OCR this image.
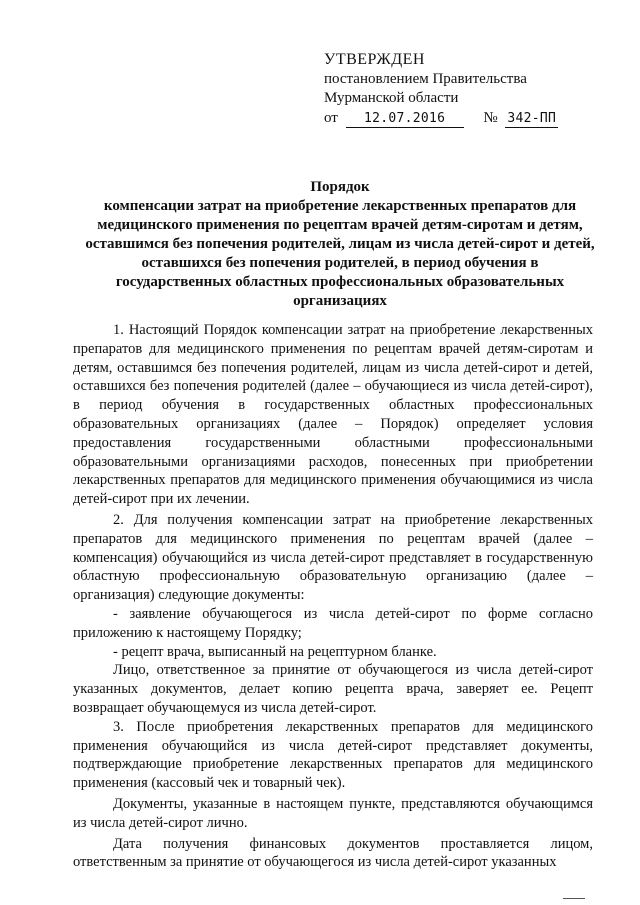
УТВЕРЖДЕН
постановлением Правительства
Мурманской области
от 12.07.2016	№ 342-ПП
Порядок
компенсации затрат на приобретение лекарственных препаратов для
медицинского применения по рецептам врачей детям-сиротам и детям,
оставшимся без попечения родителей, лицам из числа детей-сирот и детей,
оставшихся без попечения родителей, в период обучения в
государственных областных профессиональных образовательных
организациях

1. Настоящий Порядок компенсации затрат на приобретение лекарственных препаратов для медицинского применения по рецептам врачей детям-сиротам и детям, оставшимся без попечения родителей, лицам из числа детей-сирот и детей, оставшихся без попечения родителей (далее – обучающиеся из числа детей-сирот), в период обучения в государственных областных профессиональных образовательных организациях (далее – Порядок) определяет условия предоставления государственными областными профессиональными образовательными организациями расходов, понесенных при приобретении лекарственных препаратов для медицинского применения обучающимися из числа детей-сирот при их лечении.

2. Для получения компенсации затрат на приобретение лекарственных препаратов для медицинского применения по рецептам врачей (далее – компенсация) обучающийся из числа детей-сирот представляет в государственную областную профессиональную образовательную организацию (далее – организация) следующие документы:

- заявление обучающегося из числа детей-сирот по форме согласно приложению к настоящему Порядку;

- рецепт врача, выписанный на рецептурном бланке.

Лицо, ответственное за принятие от обучающегося из числа детей-сирот указанных документов, делает копию рецепта врача, заверяет ее. Рецепт возвращает обучающемуся из числа детей-сирот.

3. После приобретения лекарственных препаратов для медицинского применения обучающийся из числа детей-сирот представляет документы, подтверждающие приобретение лекарственных препаратов для медицинского применения (кассовый чек и товарный чек).

Документы, указанные в настоящем пункте, представляются обучающимся из числа детей-сирот лично.

Дата получения финансовых документов проставляется лицом, ответственным за принятие от обучающегося из числа детей-сирот указанных
